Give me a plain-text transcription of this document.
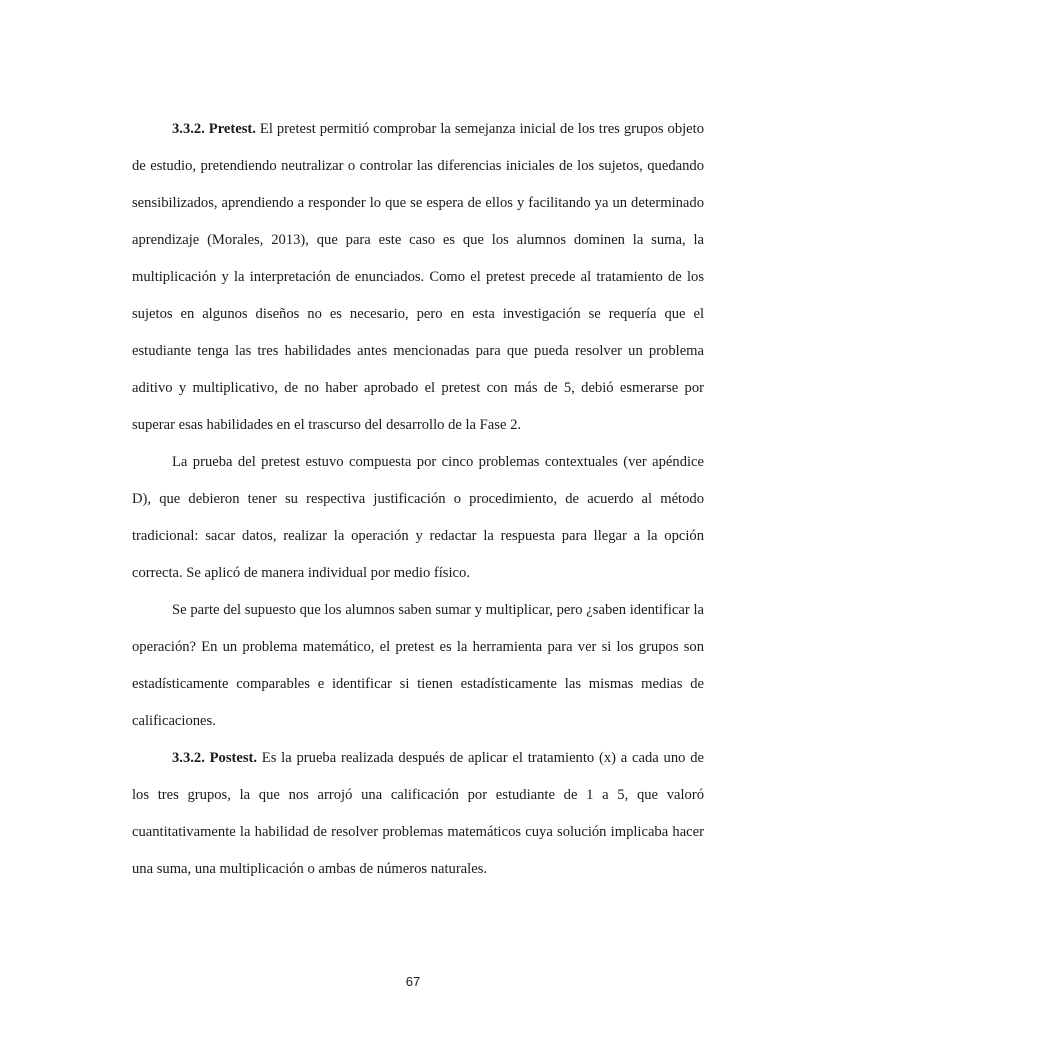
3.3.2. Pretest. El pretest permitió comprobar la semejanza inicial de los tres grupos objeto de estudio, pretendiendo neutralizar o controlar las diferencias iniciales de los sujetos, quedando sensibilizados, aprendiendo a responder lo que se espera de ellos y facilitando ya un determinado aprendizaje (Morales, 2013), que para este caso es que los alumnos dominen la suma, la multiplicación y la interpretación de enunciados. Como el pretest precede al tratamiento de los sujetos en algunos diseños no es necesario, pero en esta investigación se requería que el estudiante tenga las tres habilidades antes mencionadas para que pueda resolver un problema aditivo y multiplicativo, de no haber aprobado el pretest con más de 5, debió esmerarse por superar esas habilidades en el trascurso del desarrollo de la Fase 2.

La prueba del pretest estuvo compuesta por cinco problemas contextuales (ver apéndice D), que debieron tener su respectiva justificación o procedimiento, de acuerdo al método tradicional: sacar datos, realizar la operación y redactar la respuesta para llegar a la opción correcta. Se aplicó de manera individual por medio físico.

Se parte del supuesto que los alumnos saben sumar y multiplicar, pero ¿saben identificar la operación? En un problema matemático, el pretest es la herramienta para ver si los grupos son estadísticamente comparables e identificar si tienen estadísticamente las mismas medias de calificaciones.

3.3.2. Postest. Es la prueba realizada después de aplicar el tratamiento (x) a cada uno de los tres grupos, la que nos arrojó una calificación por estudiante de 1 a 5, que valoró cuantitativamente la habilidad de resolver problemas matemáticos cuya solución implicaba hacer una suma, una multiplicación o ambas de números naturales.

67
